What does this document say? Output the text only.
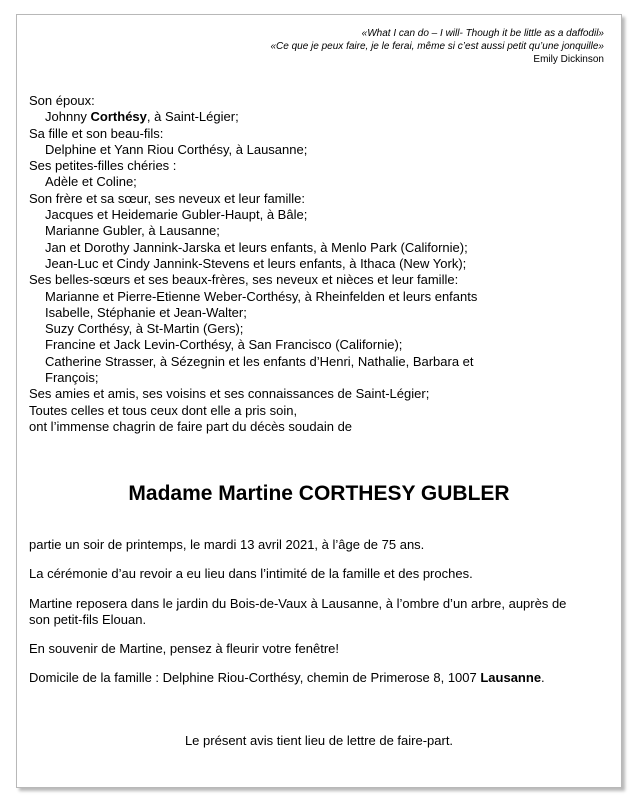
«What I can do – I will- Though it be little as a daffodil»
«Ce que je peux faire, je le ferai, même si c’est aussi petit qu’une jonquille»
Emily Dickinson
Son époux:
Johnny Corthésy, à Saint-Légier;
Sa fille et son beau-fils:
Delphine et Yann Riou Corthésy, à Lausanne;
Ses petites-filles chéries :
Adèle et Coline;
Son frère et sa sœur, ses neveux et leur famille:
Jacques et Heidemarie Gubler-Haupt, à Bâle;
Marianne Gubler, à Lausanne;
Jan et Dorothy Jannink-Jarska et leurs enfants, à Menlo Park (Californie);
Jean-Luc et Cindy Jannink-Stevens et leurs enfants, à Ithaca (New York);
Ses belles-sœurs et ses beaux-frères, ses neveux et nièces et leur famille:
Marianne et Pierre-Etienne Weber-Corthésy, à Rheinfelden et leurs enfants
Isabelle, Stéphanie et Jean-Walter;
Suzy Corthésy, à St-Martin (Gers);
Francine et Jack Levin-Corthésy, à San Francisco (Californie);
Catherine Strasser, à Sézegnin et les enfants d’Henri, Nathalie, Barbara et François;
Ses amies et amis, ses voisins et ses connaissances de Saint-Légier;
Toutes celles et tous ceux dont elle a pris soin,
ont l’immense chagrin de faire part du décès soudain de
Madame Martine CORTHESY GUBLER

partie un soir de printemps, le mardi 13 avril 2021, à l’âge de 75 ans.

La cérémonie d’au revoir a eu lieu dans l’intimité de la famille et des proches.

Martine reposera dans le jardin du Bois-de-Vaux à Lausanne, à l’ombre d’un arbre, auprès de son petit-fils Elouan.

En souvenir de Martine, pensez à fleurir votre fenêtre!

Domicile de la famille : Delphine Riou-Corthésy, chemin de Primerose 8, 1007 Lausanne.

Le présent avis tient lieu de lettre de faire-part.
